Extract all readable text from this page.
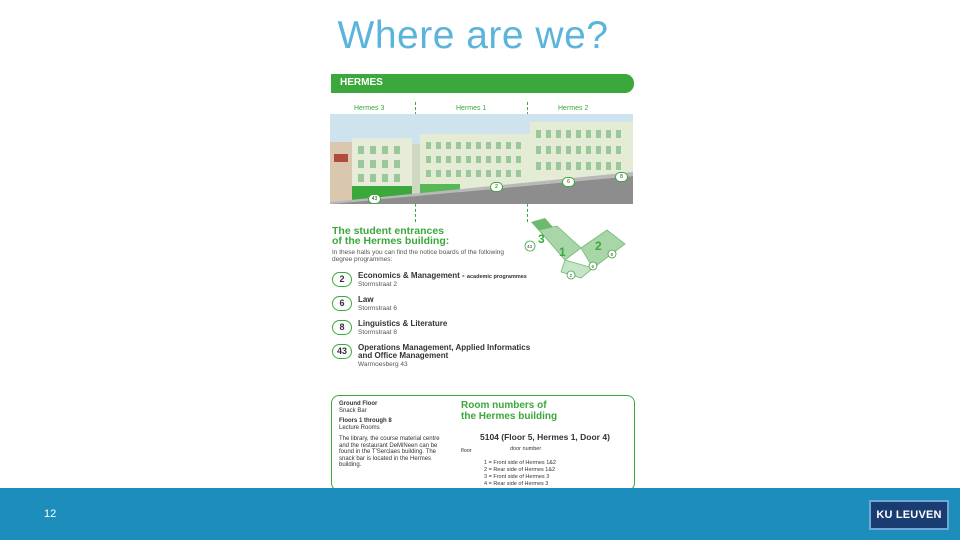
Where are we?
HERMES
Hermes 3	Hermes 1	Hermes 2
43
2
6
8
The student entrances
of the Hermes building:
In these halls you can find the notice boards of the following degree programmes:
3
1 2
43
8
6
2
2	Economics & Management - academic programmes
Stormstraat 2
6	Law
Stormstraat 6
8	Linguistics & Literature
Stormstraat 8
43	Operations Management, Applied Informatics
and Office Management
Warmoesberg 43
Ground Floor
Snack Bar
Floors 1 through 8
Lecture Rooms
The library, the course material centre and the restaurant DeMiNeen can be found in the T'Serclaes building. The snack bar is located in the Hermes building.
Room numbers of
the Hermes building
5104 (Floor 5, Hermes 1, Door 4)
door number
floor
1 = Front side of Hermes 1&2
2 = Rear side of Hermes 1&2
3 = Front side of Hermes 3
4 = Rear side of Hermes 3
12	KU LEUVEN
